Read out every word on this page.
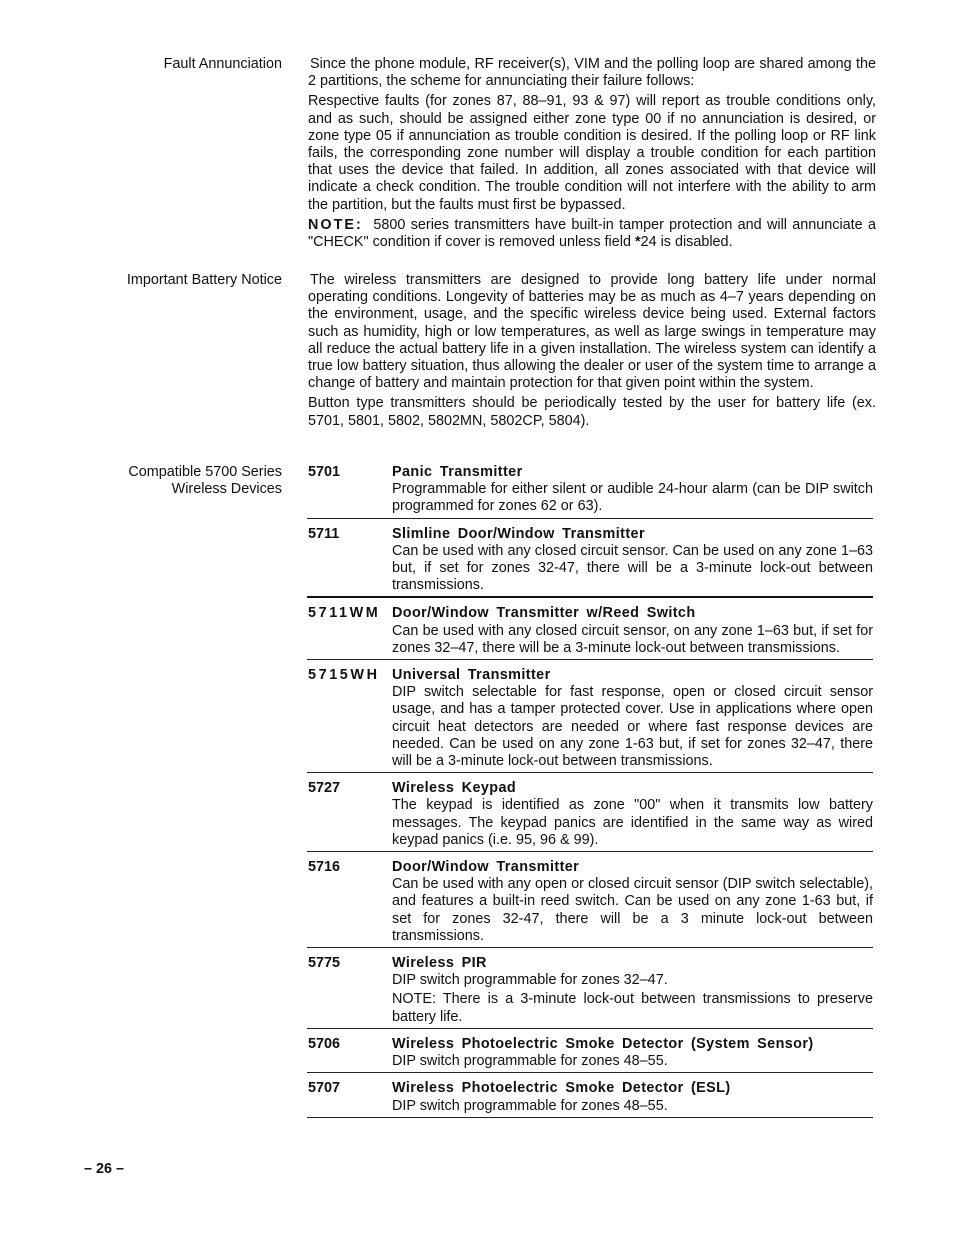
Fault Annunciation Since the phone module, RF receiver(s), VIM and the polling loop are shared among the 2 partitions, the scheme for annunciating their failure follows:

Respective faults (for zones 87, 88–91, 93 & 97) will report as trouble conditions only, and as such, should be assigned either zone type 00 if no annunciation is desired, or zone type 05 if annunciation as trouble condition is desired. If the polling loop or RF link fails, the corresponding zone number will display a trouble condition for each partition that uses the device that failed. In addition, all zones associated with that device will indicate a check condition. The trouble condition will not interfere with the ability to arm the partition, but the faults must first be bypassed.

NOTE: 5800 series transmitters have built-in tamper protection and will annunciate a "CHECK" condition if cover is removed unless field *24 is disabled.

Important Battery Notice The wireless transmitters are designed to provide long battery life under normal operating conditions. Longevity of batteries may be as much as 4–7 years depending on the environment, usage, and the specific wireless device being used. External factors such as humidity, high or low temperatures, as well as large swings in temperature may all reduce the actual battery life in a given installation. The wireless system can identify a true low battery situation, thus allowing the dealer or user of the system time to arrange a change of battery and maintain protection for that given point within the system.

Button type transmitters should be periodically tested by the user for battery life (ex. 5701, 5801, 5802, 5802MN, 5802CP, 5804).

Compatible 5700 Series
Wireless Devices
5701	Panic Transmitter
Programmable for either silent or audible 24-hour alarm (can be DIP switch programmed for zones 62 or 63).
5711	Slimline Door/Window Transmitter
Can be used with any closed circuit sensor. Can be used on any zone 1–63 but, if set for zones 32-47, there will be a 3-minute lock-out between transmissions.
5711WM Door/Window Transmitter w/Reed Switch
Can be used with any closed circuit sensor, on any zone 1–63 but, if set for zones 32–47, there will be a 3-minute lock-out between transmissions.
5715WH Universal Transmitter
DIP switch selectable for fast response, open or closed circuit sensor usage, and has a tamper protected cover. Use in applications where open circuit heat detectors are needed or where fast response devices are needed. Can be used on any zone 1-63 but, if set for zones 32–47, there will be a 3-minute lock-out between transmissions.
5727	Wireless Keypad
The keypad is identified as zone "00" when it transmits low battery messages. The keypad panics are identified in the same way as wired keypad panics (i.e. 95, 96 & 99).
5716	Door/Window Transmitter
Can be used with any open or closed circuit sensor (DIP switch selectable), and features a built-in reed switch. Can be used on any zone 1-63 but, if set for zones 32-47, there will be a 3 minute lock-out between transmissions.
5775	Wireless PIR
DIP switch programmable for zones 32–47.
NOTE: There is a 3-minute lock-out between transmissions to preserve battery life.
5706	Wireless Photoelectric Smoke Detector (System Sensor)
DIP switch programmable for zones 48–55.
5707	Wireless Photoelectric Smoke Detector (ESL)
DIP switch programmable for zones 48–55.
– 26 –
